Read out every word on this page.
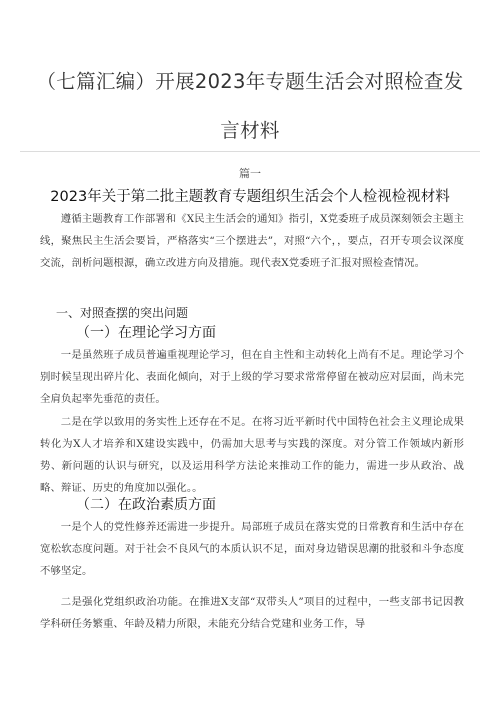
（七篇汇编）开展2023年专题生活会对照检查发
言材料
篇一
2023年关于第二批主题教育专题组织生活会个人检视检视材料

遵循主题教育工作部署和《X民主生活会的通知》指引，X党委班子成员深刻领会主题主线，聚焦民主生活会要旨，严格落实“三个摆进去”，对照“六个，，要点，召开专项会议深度交流，剖析问题根源，确立改进方向及措施。现代表X党委班子汇报对照检查情况。

一、对照查摆的突出问题
（一）在理论学习方面

一是虽然班子成员普遍重视理论学习，但在自主性和主动转化上尚有不足。理论学习个别时候呈现出碎片化、表面化倾向，对于上级的学习要求常常停留在被动应对层面，尚未完全肩负起率先垂范的责任。

二是在学以致用的务实性上还存在不足。在将习近平新时代中国特色社会主义理论成果转化为X人才培养和X建设实践中，仍需加大思考与实践的深度。对分管工作领域内新形势、新问题的认识与研究，以及运用科学方法论来推动工作的能力，需进一步从政治、战略、辩证、历史的角度加以强化。。

（二）在政治素质方面

一是个人的党性修养还需进一步提升。局部班子成员在落实党的日常教育和生活中存在宽松软态度问题。对于社会不良风气的本质认识不足，面对身边错误思潮的批驳和斗争态度不够坚定。

二是强化党组织政治功能。在推进X支部“双带头人”项目的过程中，一些支部书记因教学科研任务繁重、年龄及精力所限，未能充分结合党建和业务工作，导
